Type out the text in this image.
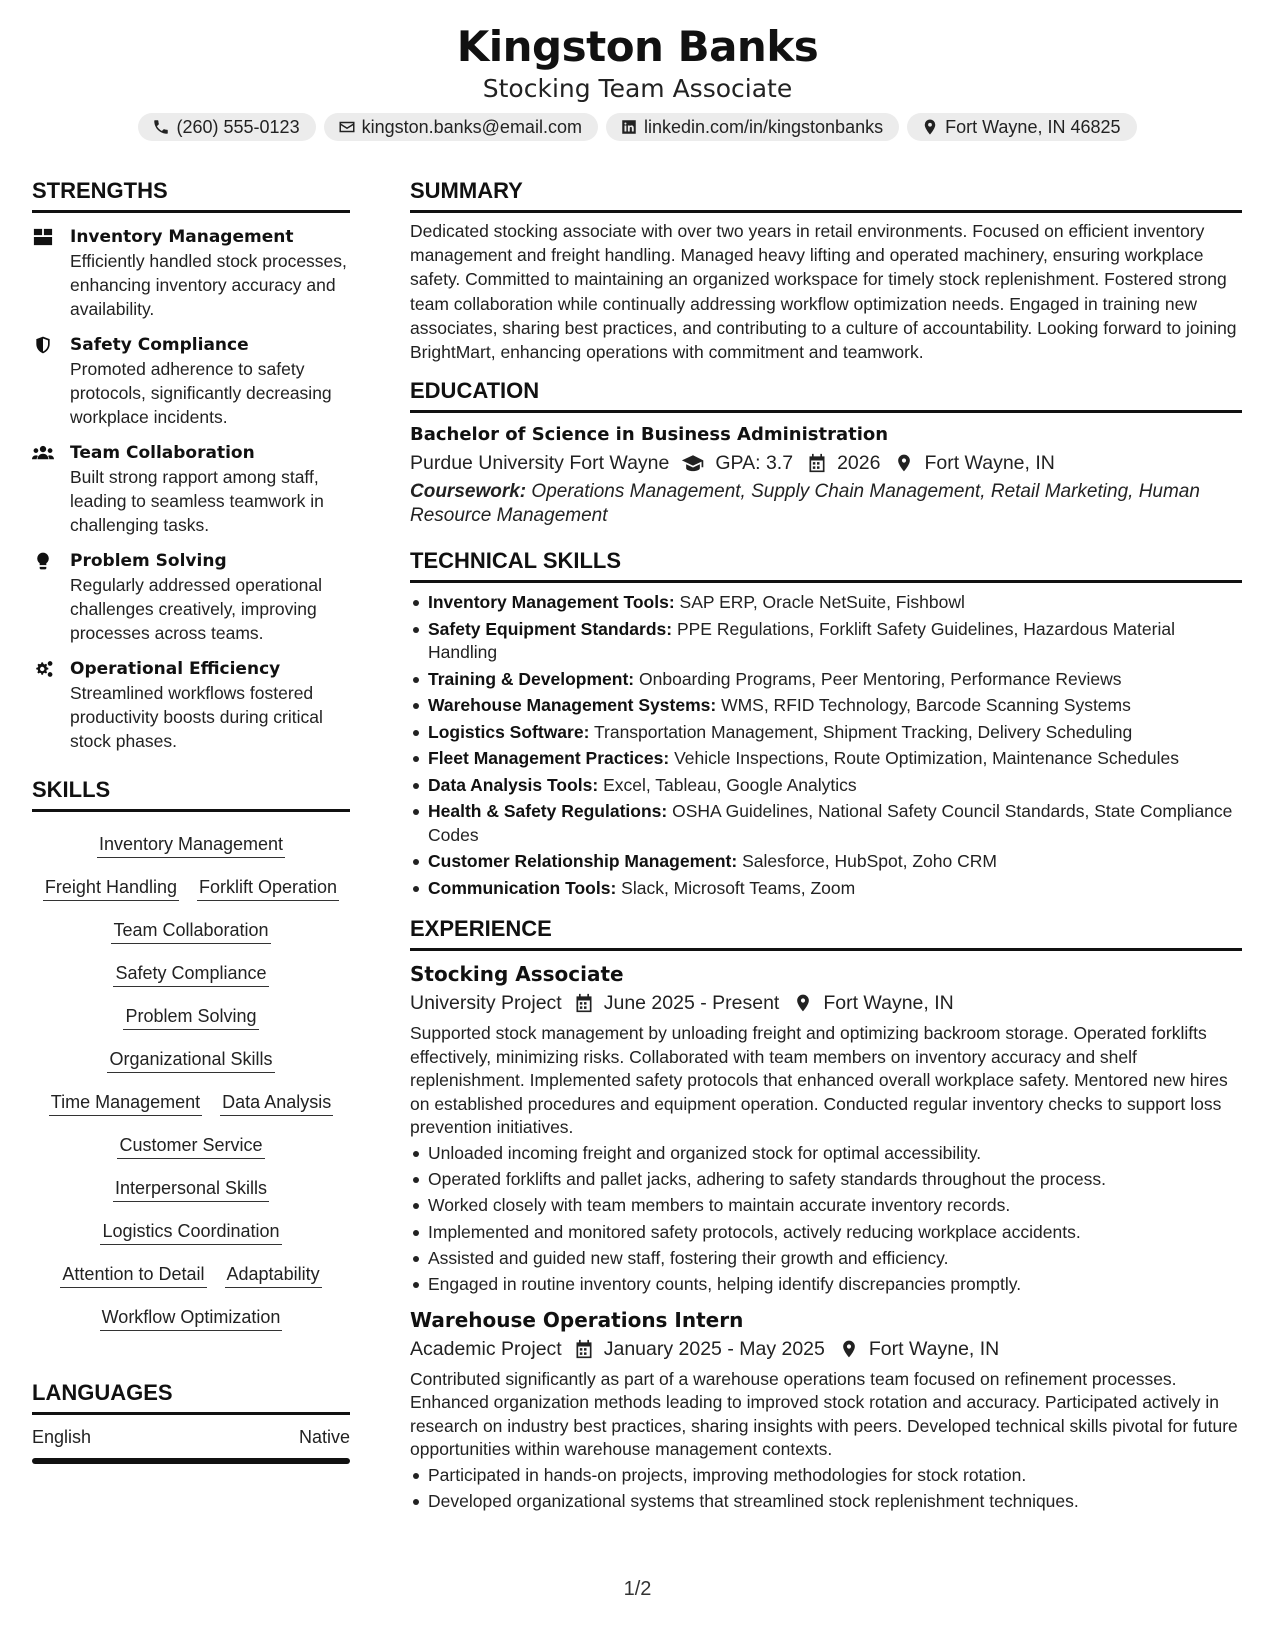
Kingston Banks
Stocking Team Associate
(260) 555-0123	kingston.banks@email.com	linkedin.com/in/kingstonbanks	Fort Wayne, IN 46825
STRENGTHS
Inventory Management
Efficiently handled stock processes, enhancing inventory accuracy and availability.
Safety Compliance
Promoted adherence to safety protocols, significantly decreasing workplace incidents.
Team Collaboration
Built strong rapport among staff, leading to seamless teamwork in challenging tasks.
Problem Solving
Regularly addressed operational challenges creatively, improving processes across teams.
Operational Efficiency
Streamlined workflows fostered productivity boosts during critical stock phases.
SKILLS
Inventory Management
Freight Handling Forklift Operation
Team Collaboration
Safety Compliance
Problem Solving
Organizational Skills
Time Management Data Analysis
Customer Service
Interpersonal Skills
Logistics Coordination
Attention to Detail Adaptability
Workflow Optimization
LANGUAGES
English	Native
SUMMARY
Dedicated stocking associate with over two years in retail environments. Focused on efficient inventory management and freight handling. Managed heavy lifting and operated machinery, ensuring workplace safety. Committed to maintaining an organized workspace for timely stock replenishment. Fostered strong team collaboration while continually addressing workflow optimization needs. Engaged in training new associates, sharing best practices, and contributing to a culture of accountability. Looking forward to joining BrightMart, enhancing operations with commitment and teamwork.
EDUCATION
Bachelor of Science in Business Administration
Purdue University Fort Wayne GPA: 3.7 2026 Fort Wayne, IN
Coursework: Operations Management, Supply Chain Management, Retail Marketing, Human Resource Management
TECHNICAL SKILLS
Inventory Management Tools: SAP ERP, Oracle NetSuite, Fishbowl
Safety Equipment Standards: PPE Regulations, Forklift Safety Guidelines, Hazardous Material Handling
Training & Development: Onboarding Programs, Peer Mentoring, Performance Reviews
Warehouse Management Systems: WMS, RFID Technology, Barcode Scanning Systems
Logistics Software: Transportation Management, Shipment Tracking, Delivery Scheduling
Fleet Management Practices: Vehicle Inspections, Route Optimization, Maintenance Schedules
Data Analysis Tools: Excel, Tableau, Google Analytics
Health & Safety Regulations: OSHA Guidelines, National Safety Council Standards, State Compliance Codes
Customer Relationship Management: Salesforce, HubSpot, Zoho CRM
Communication Tools: Slack, Microsoft Teams, Zoom
EXPERIENCE
Stocking Associate
University Project June 2025 - Present Fort Wayne, IN
Supported stock management by unloading freight and optimizing backroom storage. Operated forklifts effectively, minimizing risks. Collaborated with team members on inventory accuracy and shelf replenishment. Implemented safety protocols that enhanced overall workplace safety. Mentored new hires on established procedures and equipment operation. Conducted regular inventory checks to support loss prevention initiatives.
Unloaded incoming freight and organized stock for optimal accessibility.
Operated forklifts and pallet jacks, adhering to safety standards throughout the process.
Worked closely with team members to maintain accurate inventory records.
Implemented and monitored safety protocols, actively reducing workplace accidents.
Assisted and guided new staff, fostering their growth and efficiency.
Engaged in routine inventory counts, helping identify discrepancies promptly.
Warehouse Operations Intern
Academic Project January 2025 - May 2025 Fort Wayne, IN
Contributed significantly as part of a warehouse operations team focused on refinement processes. Enhanced organization methods leading to improved stock rotation and accuracy. Participated actively in research on industry best practices, sharing insights with peers. Developed technical skills pivotal for future opportunities within warehouse management contexts.
Participated in hands-on projects, improving methodologies for stock rotation.
Developed organizational systems that streamlined stock replenishment techniques.
1/2
